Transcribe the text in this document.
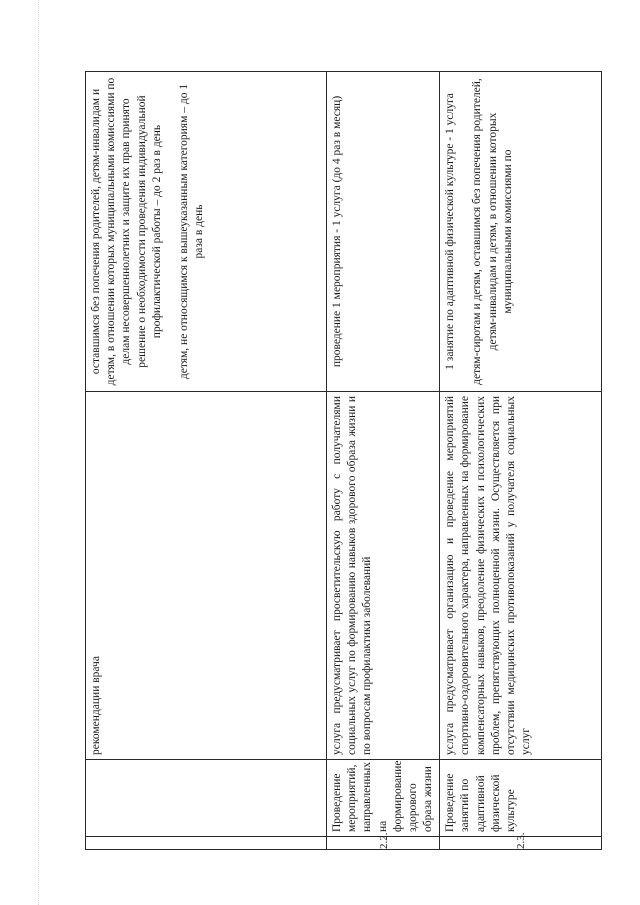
		рекомендации врача	оставшимся без попечения родителей, детям-инвалидам и детям, в отношении которых муниципальными комиссиями по делам несовершеннолетних и защите их прав принято решение о необходимости проведения индивидуальной профилактической работы – до 2 раз в день детям, не относящимся к вышеуказанным категориям – до 1 раза в день

2.2.	Проведение мероприятий, направленных на формирование здорового образа жизни	услуга предусматривает просветительскую работу с получателями социальных услуг по формированию навыков здорового образа жизни и по вопросам профилактики заболеваний	проведение 1 мероприятия - 1 услуга (до 4 раз в месяц)

2.3.	Проведение занятий по адаптивной физической культуре	услуга предусматривает организацию и проведение мероприятий спортивно-оздоровительного характера, направленных на формирование компенсаторных навыков, преодоление физических и психологических проблем, препятствующих полноценной жизни. Осуществляется при отсутствии медицинских противопоказаний у получателя социальных услуг	1 занятие по адаптивной физической культуре - 1 услуга детям-сиротам и детям, оставшимся без попечения родителей, детям-инвалидам и детям, в отношении которых муниципальными комиссиями по
